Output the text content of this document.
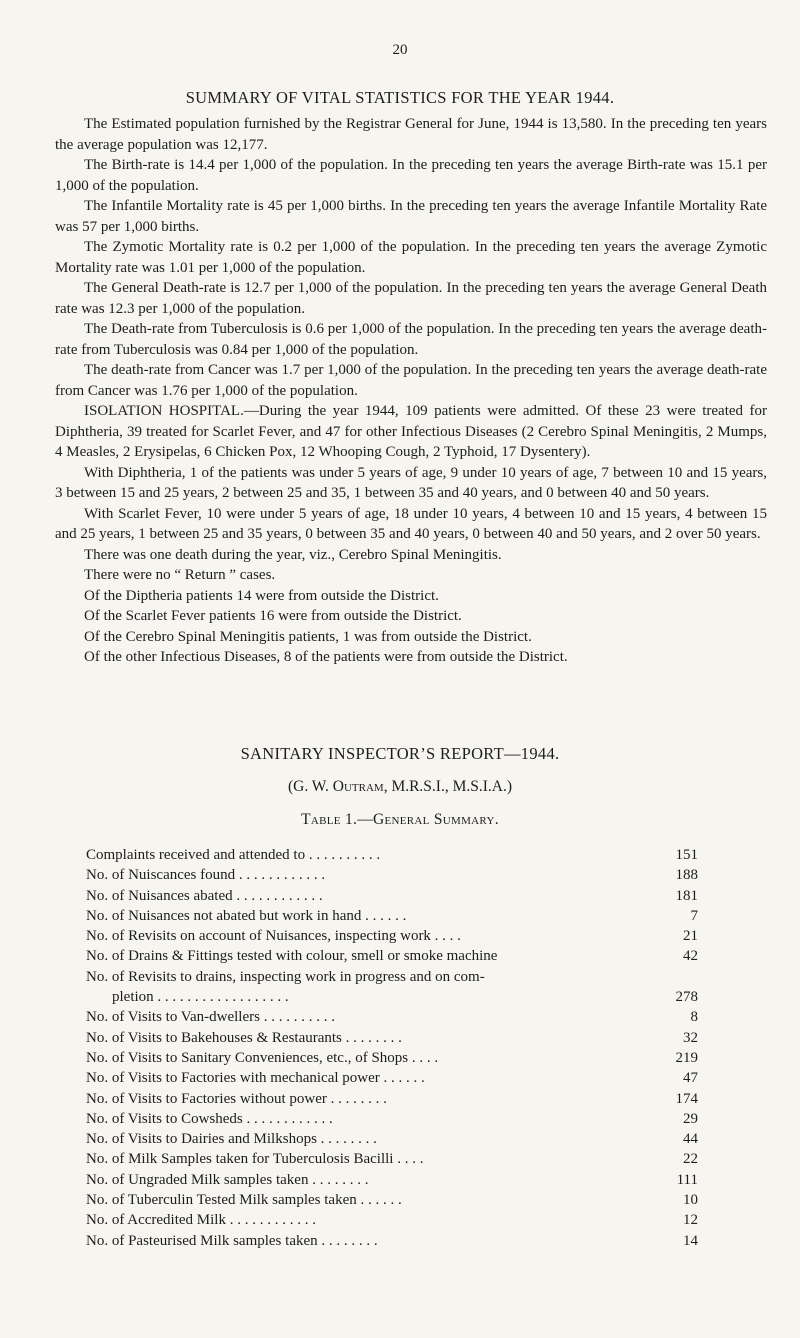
20
SUMMARY OF VITAL STATISTICS FOR THE YEAR 1944.

The Estimated population furnished by the Registrar General for June, 1944 is 13,580. In the preceding ten years the average population was 12,177.

The Birth-rate is 14.4 per 1,000 of the population. In the preceding ten years the average Birth-rate was 15.1 per 1,000 of the population.

The Infantile Mortality rate is 45 per 1,000 births. In the preceding ten years the average Infantile Mortality Rate was 57 per 1,000 births.

The Zymotic Mortality rate is 0.2 per 1,000 of the population. In the preceding ten years the average Zymotic Mortality rate was 1.01 per 1,000 of the population.

The General Death-rate is 12.7 per 1,000 of the population. In the preceding ten years the average General Death rate was 12.3 per 1,000 of the population.

The Death-rate from Tuberculosis is 0.6 per 1,000 of the population. In the preceding ten years the average death-rate from Tuberculosis was 0.84 per 1,000 of the population.

The death-rate from Cancer was 1.7 per 1,000 of the population. In the preceding ten years the average death-rate from Cancer was 1.76 per 1,000 of the population.

ISOLATION HOSPITAL.—During the year 1944, 109 patients were admitted. Of these 23 were treated for Diphtheria, 39 treated for Scarlet Fever, and 47 for other Infectious Diseases (2 Cerebro Spinal Meningitis, 2 Mumps, 4 Measles, 2 Erysipelas, 6 Chicken Pox, 12 Whooping Cough, 2 Typhoid, 17 Dysentery).

With Diphtheria, 1 of the patients was under 5 years of age, 9 under 10 years of age, 7 between 10 and 15 years, 3 between 15 and 25 years, 2 between 25 and 35, 1 between 35 and 40 years, and 0 between 40 and 50 years.

With Scarlet Fever, 10 were under 5 years of age, 18 under 10 years, 4 between 10 and 15 years, 4 between 15 and 25 years, 1 between 25 and 35 years, 0 between 35 and 40 years, 0 between 40 and 50 years, and 2 over 50 years.

There was one death during the year, viz., Cerebro Spinal Meningitis.

There were no “ Return ” cases.

Of the Diptheria patients 14 were from outside the District.

Of the Scarlet Fever patients 16 were from outside the District.

Of the Cerebro Spinal Meningitis patients, 1 was from outside the District.

Of the other Infectious Diseases, 8 of the patients were from outside the District.

SANITARY INSPECTOR’S REPORT—1944.
(G. W. Outram, M.R.S.I., M.S.I.A.)
Table 1.—General Summary.
Complaints received and attended to . . . . . . . . . .	151
No. of Nuiscances found . . . . . . . . . . . .	188
No. of Nuisances abated . . . . . . . . . . . .	181
No. of Nuisances not abated but work in hand . . . . . .	7
No. of Revisits on account of Nuisances, inspecting work . . . .	21
No. of Drains & Fittings tested with colour, smell or smoke machine	42
No. of Revisits to drains, inspecting work in progress and on com-
pletion . . . . . . . . . . . . . . . . . .	278
No. of Visits to Van-dwellers . . . . . . . . . .	8
No. of Visits to Bakehouses & Restaurants . . . . . . . .	32
No. of Visits to Sanitary Conveniences, etc., of Shops . . . .	219
No. of Visits to Factories with mechanical power . . . . . .	47
No. of Visits to Factories without power . . . . . . . .	174
No. of Visits to Cowsheds . . . . . . . . . . . .	29
No. of Visits to Dairies and Milkshops . . . . . . . .	44
No. of Milk Samples taken for Tuberculosis Bacilli . . . .	22
No. of Ungraded Milk samples taken . . . . . . . .	111
No. of Tuberculin Tested Milk samples taken . . . . . .	10
No. of Accredited Milk . . . . . . . . . . . .	12
No. of Pasteurised Milk samples taken . . . . . . . .	14
